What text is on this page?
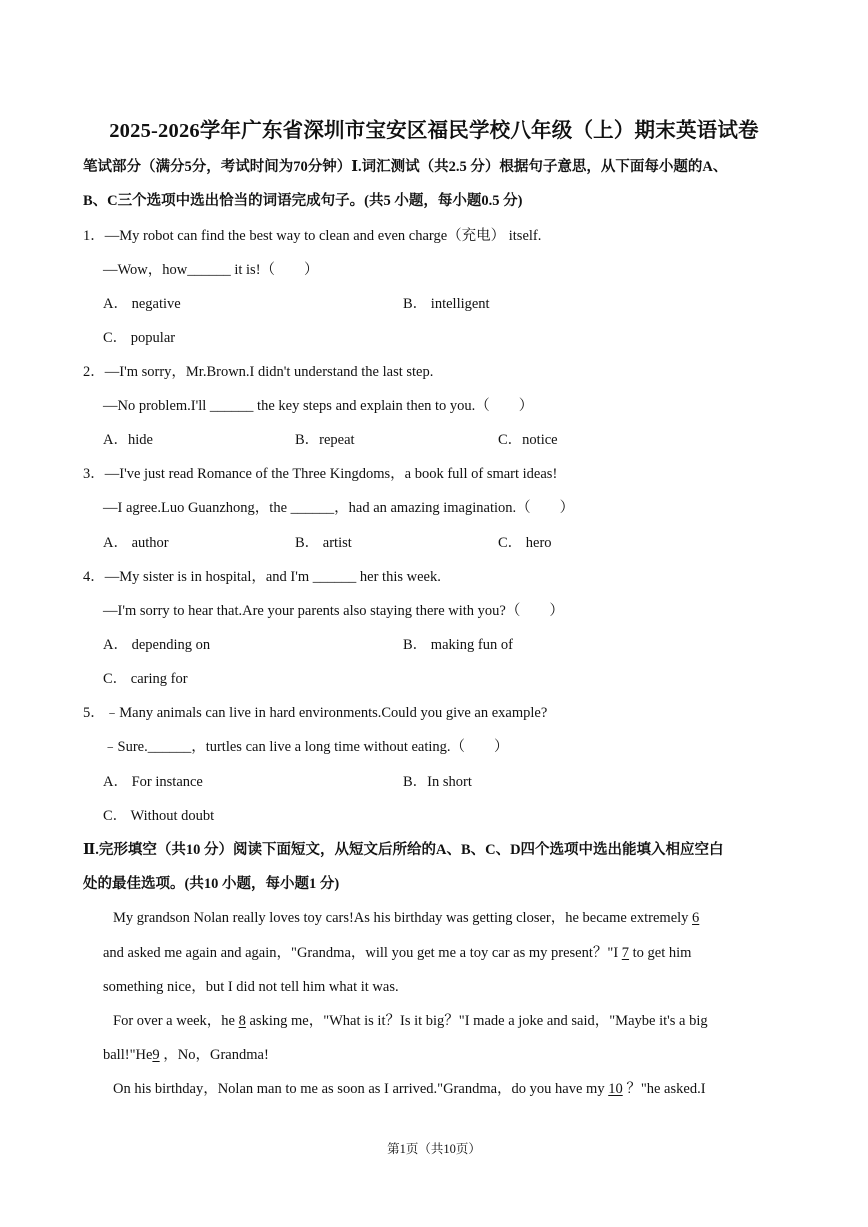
2025-2026学年广东省深圳市宝安区福民学校八年级（上）期末英语试卷
笔试部分（满分5分，考试时间为70分钟）Ⅰ.词汇测试（共2.5 分）根据句子意思，从下面每小题的A、
B、C三个选项中选出恰当的词语完成句子。(共5 小题，每小题0.5 分)
1．—My robot can find the best way to clean and even charge（充电） itself.
—Wow，how______ it is!（　　）
A． negative	B． intelligent
C． popular
2．—I'm sorry，Mr.Brown.I didn't understand the last step.
—No problem.I'll ______ the key steps and explain then to you.（　　）
A．hide	B．repeat	C．notice
3．—I've just read Romance of the Three Kingdoms，a book full of smart ideas!
—I agree.Luo Guanzhong，the ______，had an amazing imagination.（　　）
A． author	B． artist	C． hero
4．—My sister is in hospital，and I'm ______ her this week.
—I'm sorry to hear that.Are your parents also staying there with you?（　　）
A． depending on	B． making fun of
C． caring for
5．﹣Many animals can live in hard environments.Could you give an example?
﹣Sure.______，turtles can live a long time without eating.（　　）
A． For instance	B．In short
C． Without doubt
Ⅱ.完形填空（共10 分）阅读下面短文，从短文后所给的A、B、C、D四个选项中选出能填入相应空白
处的最佳选项。(共10 小题，每小题1 分)
My grandson Nolan really loves toy cars!As his birthday was getting closer，he became extremely 6
and asked me again and again，"Grandma，will you get me a toy car as my present？"I 7 to get him
something nice，but I did not tell him what it was.
For over a week，he 8 asking me，"What is it？Is it big？"I made a joke and said，"Maybe it's a big
ball!"He9 ，No，Grandma!
On his birthday，Nolan man to me as soon as I arrived."Grandma，do you have my 10 ？"he asked.I
第1页（共10页）
